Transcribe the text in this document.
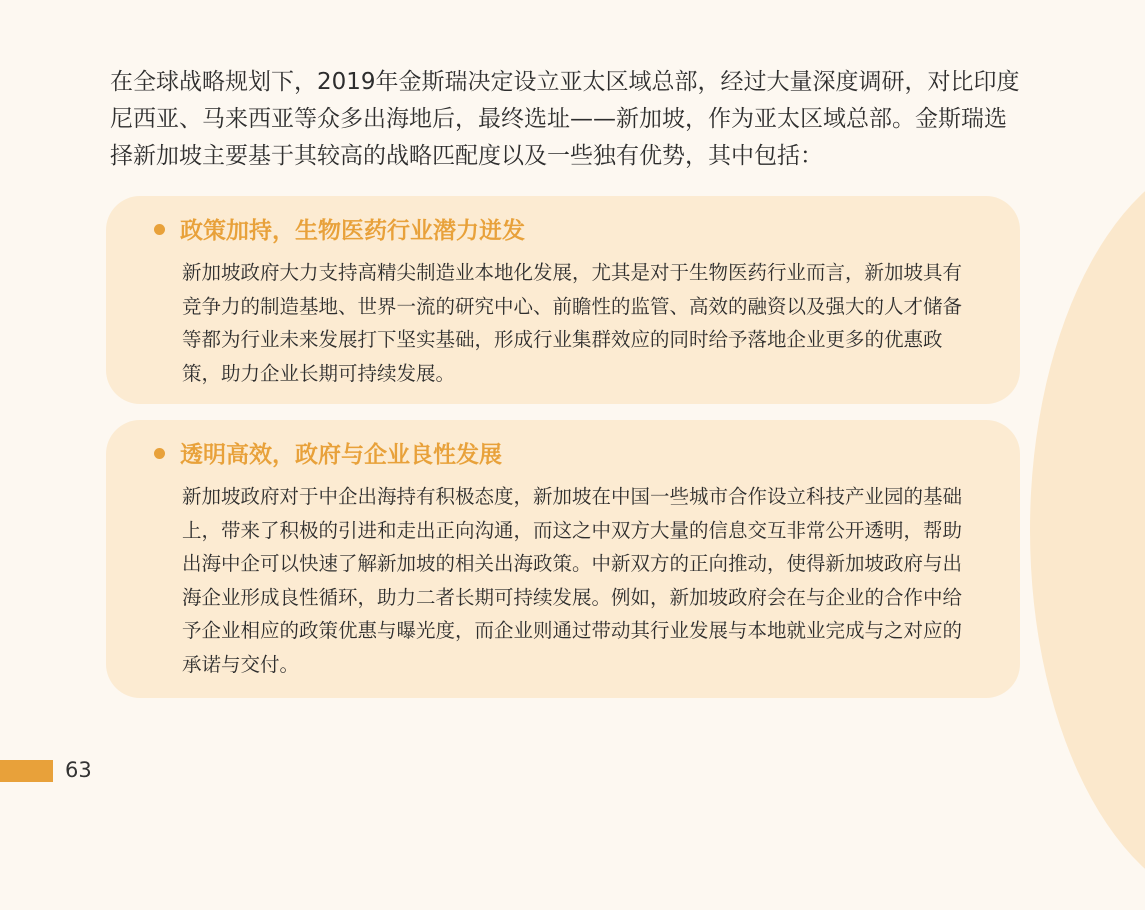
在全球战略规划下，2019年金斯瑞决定设立亚太区域总部，经过大量深度调研，对比印度尼西亚、马来西亚等众多出海地后，最终选址——新加坡，作为亚太区域总部。金斯瑞选择新加坡主要基于其较高的战略匹配度以及一些独有优势，其中包括：

政策加持，生物医药行业潜力迸发

新加坡政府大力支持高精尖制造业本地化发展，尤其是对于生物医药行业而言，新加坡具有竞争力的制造基地、世界一流的研究中心、前瞻性的监管、高效的融资以及强大的人才储备等都为行业未来发展打下坚实基础，形成行业集群效应的同时给予落地企业更多的优惠政策，助力企业长期可持续发展。

透明高效，政府与企业良性发展

新加坡政府对于中企出海持有积极态度，新加坡在中国一些城市合作设立科技产业园的基础上，带来了积极的引进和走出正向沟通，而这之中双方大量的信息交互非常公开透明，帮助出海中企可以快速了解新加坡的相关出海政策。中新双方的正向推动，使得新加坡政府与出海企业形成良性循环，助力二者长期可持续发展。例如，新加坡政府会在与企业的合作中给予企业相应的政策优惠与曝光度，而企业则通过带动其行业发展与本地就业完成与之对应的承诺与交付。

63
